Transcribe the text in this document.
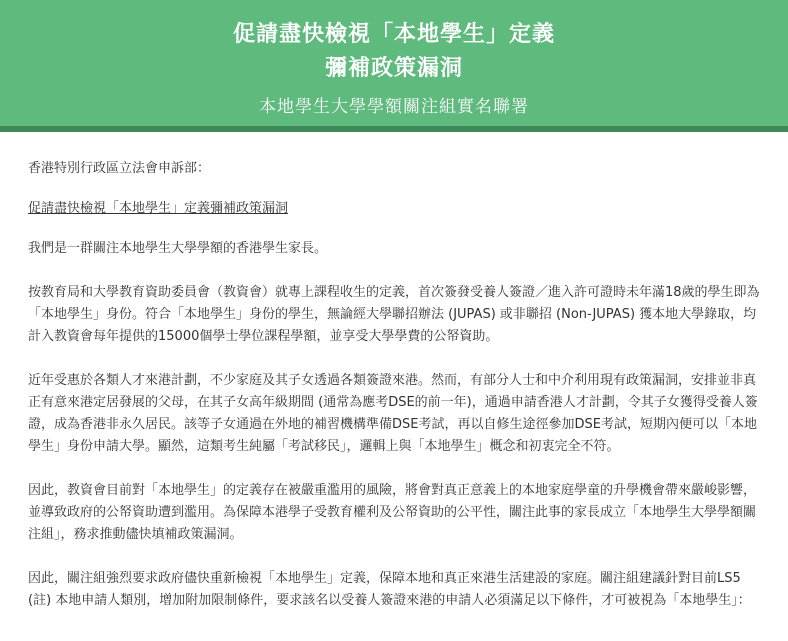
促請盡快檢視「本地學生」定義
彌補政策漏洞
本地學生大學學額關注組實名聯署

香港特別行政區立法會申訴部：

促請盡快檢視「本地學生」定義彌補政策漏洞

我們是一群關注本地學生大學學額的香港學生家長。

按教育局和大學教育資助委員會（教資會）就專上課程收生的定義，首次簽發受養人簽證／進入許可證時未年滿18歲的學生即為「本地學生」身份。符合「本地學生」身份的學生，無論經大學聯招辦法 (JUPAS) 或非聯招 (Non-JUPAS) 獲本地大學錄取，均計入教資會每年提供的15000個學士學位課程學額，並享受大學學費的公帑資助。

近年受惠於各類人才來港計劃，不少家庭及其子女透過各類簽證來港。然而，有部分人士和中介利用現有政策漏洞，安排並非真正有意來港定居發展的父母，在其子女高年級期間 (通常為應考DSE的前一年)，通過申請香港人才計劃，令其子女獲得受養人簽證，成為香港非永久居民。該等子女通過在外地的補習機構準備DSE考試，再以自修生途徑參加DSE考試，短期內便可以「本地學生」身份申請大學。顯然，這類考生純屬「考試移民」，邏輯上與「本地學生」概念和初衷完全不符。

因此，教資會目前對「本地學生」的定義存在被嚴重濫用的風險，將會對真正意義上的本地家庭學童的升學機會帶來嚴峻影響，並導致政府的公帑資助遭到濫用。為保障本港學子受教育權利及公帑資助的公平性，關注此事的家長成立「本地學生大學學額關注組」，務求推動儘快填補政策漏洞。

因此，關注組強烈要求政府儘快重新檢視「本地學生」定義，保障本地和真正來港生活建設的家庭。關注組建議針對目前LS5 (註) 本地申請人類別，增加附加限制條件，要求該名以受養人簽證來港的申請人必須滿足以下條件，才可被視為「本地學生」：
